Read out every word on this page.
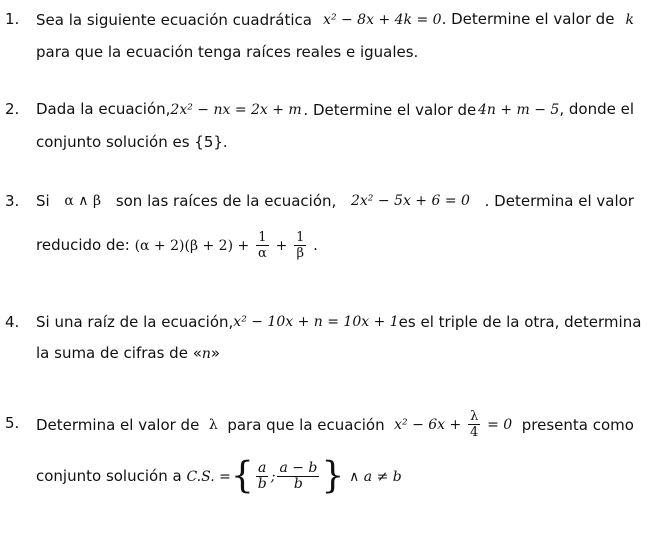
1. Sea la siguiente ecuación cuadrática x² − 8x + 4k = 0. Determine el valor de k
para que la ecuación tenga raíces reales e iguales.
2. Dada la ecuación,2x² − nx = 2x + m . Determine el valor de 4n + m − 5, donde el
conjunto solución es {5}.
3. Si α ∧ β son las raíces de la ecuación, 2x² − 5x + 6 = 0 . Determina el valor
reducido de: $(\alpha + 2)(\beta + 2) + \frac{1}{\alpha} + \frac{1}{\beta}$ .
4. Si una raíz de la ecuación, x² − 10x + n = 10x + 1 es el triple de la otra, determina
la suma de cifras de «n»
5. Determina el valor de λ para que la ecuación $x^2 - 6x + \frac{\lambda}{4} = 0$ presenta como
conjunto solución a C.S. ={ $\frac{a}{b}$ ; $\frac{a - b}{b}$ } ∧ a ≠ b
